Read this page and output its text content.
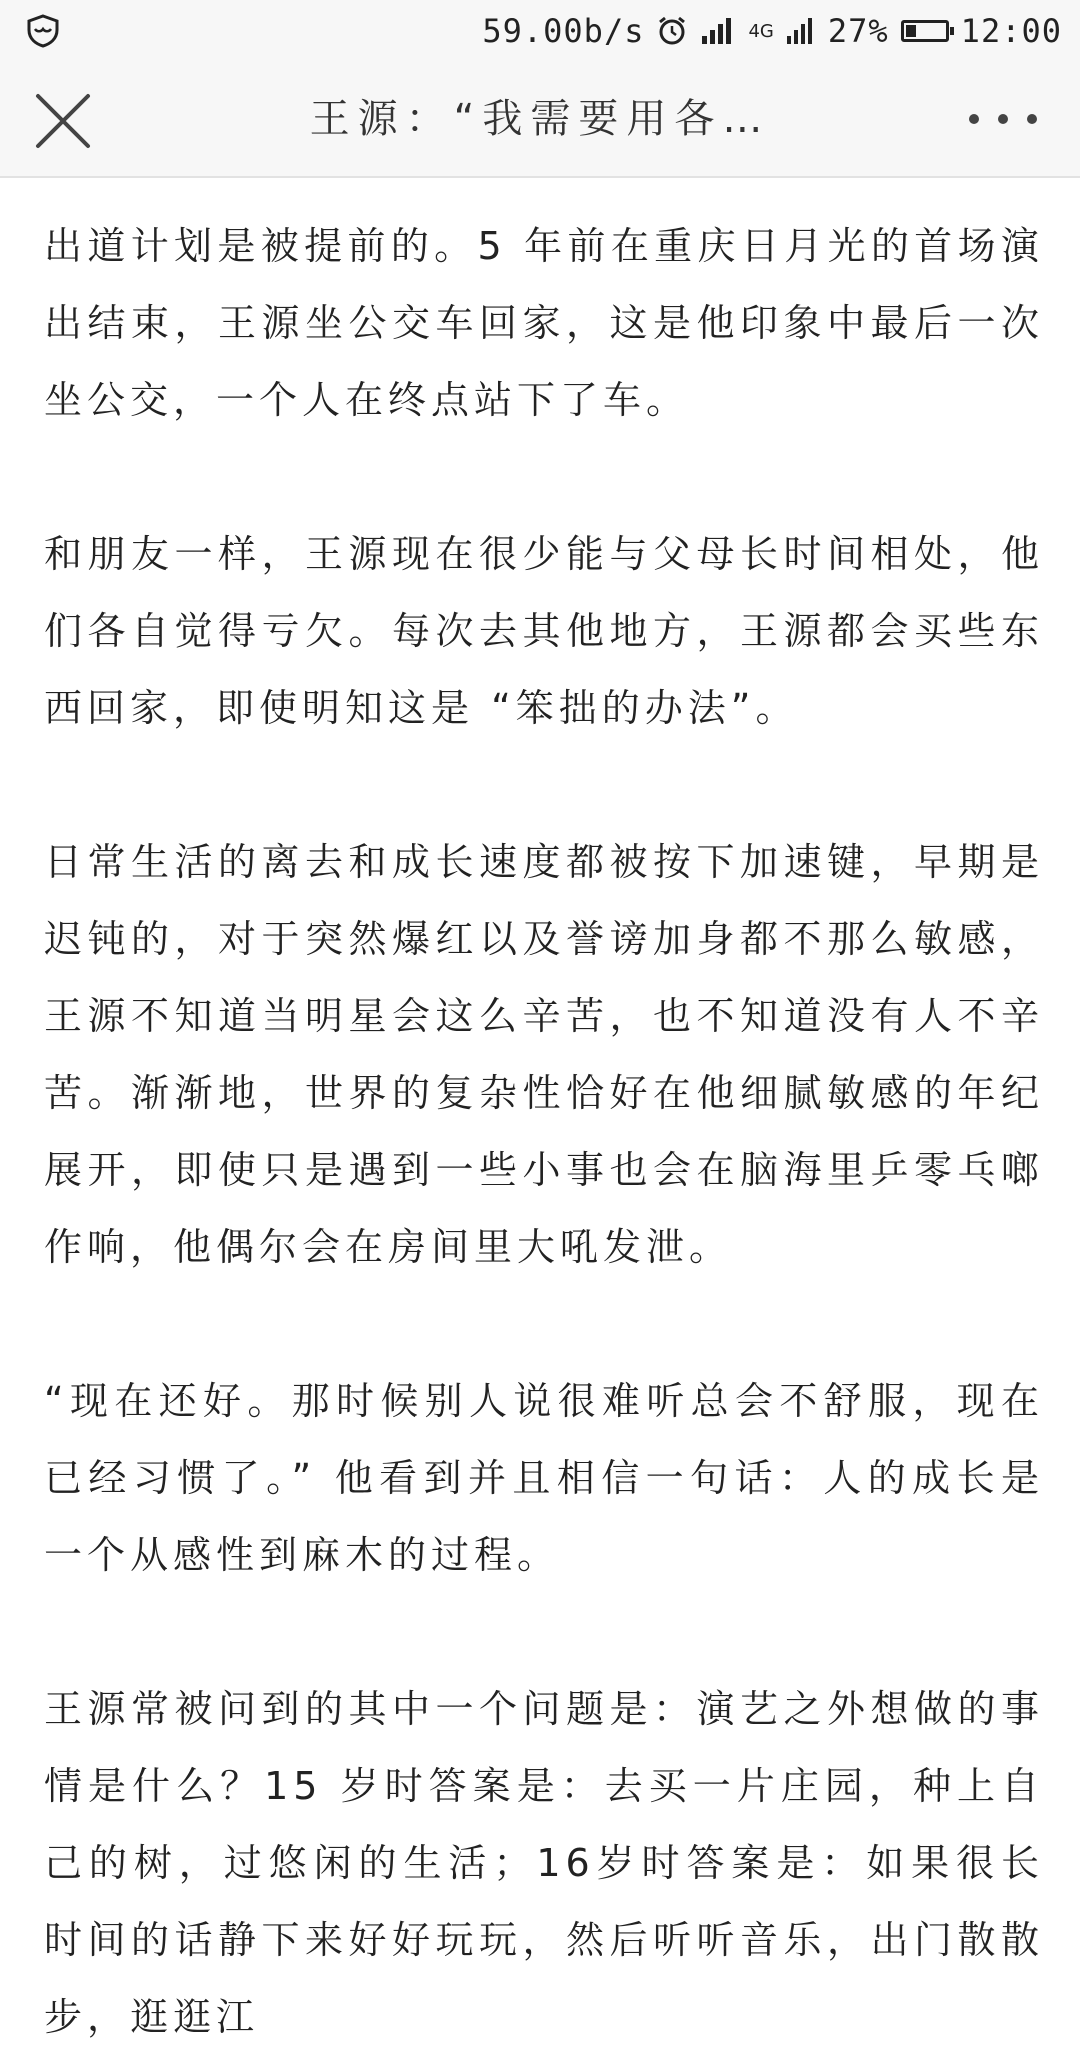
59.00b/s	4G 27% 12:00
王源：“我需要用各…

出道计划是被提前的。5 年前在重庆日月光的首场演出结束，王源坐公交车回家，这是他印象中最后一次坐公交，一个人在终点站下了车。

和朋友一样，王源现在很少能与父母长时间相处，他们各自觉得亏欠。每次去其他地方，王源都会买些东西回家，即使明知这是 “笨拙的办法”。

日常生活的离去和成长速度都被按下加速键，早期是迟钝的，对于突然爆红以及誉谤加身都不那么敏感，王源不知道当明星会这么辛苦，也不知道没有人不辛苦。渐渐地，世界的复杂性恰好在他细腻敏感的年纪展开，即使只是遇到一些小事也会在脑海里乒零乓啷作响，他偶尔会在房间里大吼发泄。

“现在还好。那时候别人说很难听总会不舒服，现在已经习惯了。” 他看到并且相信一句话：人的成长是一个从感性到麻木的过程。

王源常被问到的其中一个问题是：演艺之外想做的事情是什么？15 岁时答案是：去买一片庄园，种上自己的树，过悠闲的生活；16岁时答案是：如果很长时间的话静下来好好玩玩，然后听听音乐，出门散散步，逛逛江
